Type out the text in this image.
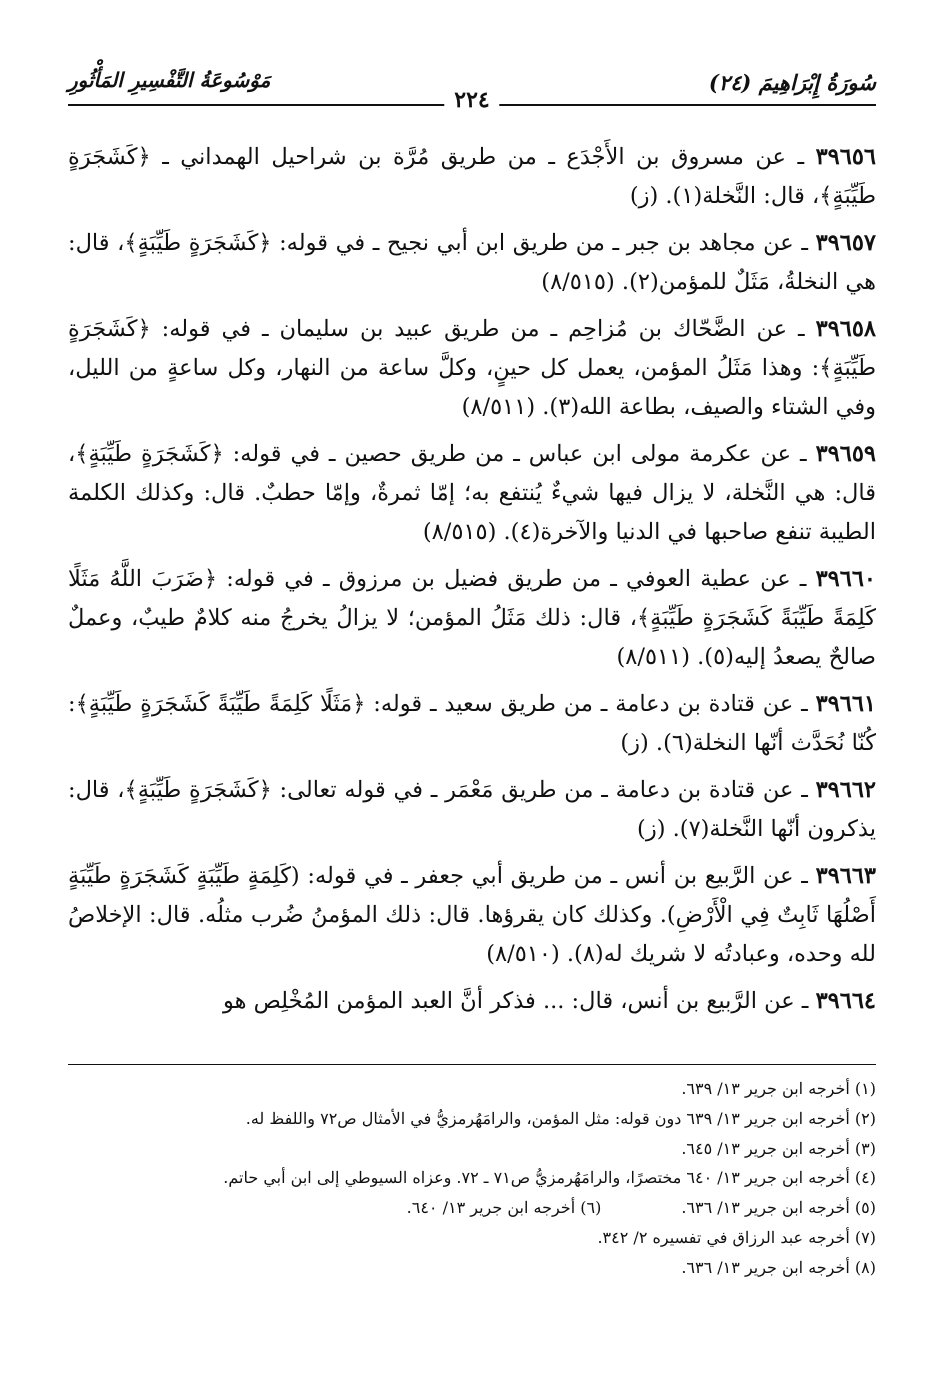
سُورَةُ إِبْرَاهِيمَ (٢٤)
مَوْسُوعَةُ التَّفْسِيرِ المَأْثُورِ
٢٢٤

٣٩٦٥٦ ـ عن مسروق بن الأَجْدَع ـ من طريق مُرَّة بن شراحيل الهمداني ـ ﴿كَشَجَرَةٍ طَيِّبَةٍ﴾، قال: النَّخلة(١). (ز)

٣٩٦٥٧ ـ عن مجاهد بن جبر ـ من طريق ابن أبي نجيح ـ في قوله: ﴿كَشَجَرَةٍ طَيِّبَةٍ﴾، قال: هي النخلةُ، مَثَلٌ للمؤمن(٢). (٨/٥١٥)

٣٩٦٥٨ ـ عن الضَّحّاك بن مُزاحِم ـ من طريق عبيد بن سليمان ـ في قوله: ﴿كَشَجَرَةٍ طَيِّبَةٍ﴾: وهذا مَثَلُ المؤمن، يعمل كل حينٍ، وكلَّ ساعة من النهار، وكل ساعةٍ من الليل، وفي الشتاء والصيف، بطاعة الله(٣). (٨/٥١١)

٣٩٦٥٩ ـ عن عكرمة مولى ابن عباس ـ من طريق حصين ـ في قوله: ﴿كَشَجَرَةٍ طَيِّبَةٍ﴾، قال: هي النَّخلة، لا يزال فيها شيءٌ يُنتفع به؛ إمّا ثمرةٌ، وإمّا حطبٌ. قال: وكذلك الكلمة الطيبة تنفع صاحبها في الدنيا والآخرة(٤). (٨/٥١٥)

٣٩٦٦٠ ـ عن عطية العوفي ـ من طريق فضيل بن مرزوق ـ في قوله: ﴿ضَرَبَ اللَّهُ مَثَلًا كَلِمَةً طَيِّبَةً كَشَجَرَةٍ طَيِّبَةٍ﴾، قال: ذلك مَثَلُ المؤمن؛ لا يزالُ يخرجُ منه كلامٌ طيبٌ، وعملٌ صالحٌ يصعدُ إليه(٥). (٨/٥١١)

٣٩٦٦١ ـ عن قتادة بن دعامة ـ من طريق سعيد ـ قوله: ﴿مَثَلًا كَلِمَةً طَيِّبَةً كَشَجَرَةٍ طَيِّبَةٍ﴾: كُنّا نُحَدَّث أنّها النخلة(٦). (ز)

٣٩٦٦٢ ـ عن قتادة بن دعامة ـ من طريق مَعْمَر ـ في قوله تعالى: ﴿كَشَجَرَةٍ طَيِّبَةٍ﴾، قال: يذكرون أنّها النَّخلة(٧). (ز)

٣٩٦٦٣ ـ عن الرَّبيع بن أنس ـ من طريق أبي جعفر ـ في قوله: (كَلِمَةٍ طَيِّبَةٍ كَشَجَرَةٍ طَيِّبَةٍ أَصْلُهَا ثَابِتٌ فِي الْأَرْضِ). وكذلك كان يقرؤها. قال: ذلك المؤمنُ ضُرب مثلُه. قال: الإخلاصُ لله وحده، وعبادتُه لا شريك له(٨). (٨/٥١٠)

٣٩٦٦٤ ـ عن الرَّبيع بن أنس، قال: ... فذكر أنَّ العبد المؤمن المُخْلِص هو

(١) أخرجه ابن جرير ١٣/ ٦٣٩.
(٢) أخرجه ابن جرير ١٣/ ٦٣٩ دون قوله: مثل المؤمن، والرامَهُرمزيُّ في الأمثال ص٧٢ واللفظ له.
(٣) أخرجه ابن جرير ١٣/ ٦٤٥.
(٤) أخرجه ابن جرير ١٣/ ٦٤٠ مختصرًا، والرامَهُرمزيُّ ص٧١ ـ ٧٢. وعزاه السيوطي إلى ابن أبي حاتم.
(٥) أخرجه ابن جرير ١٣/ ٦٣٦.
(٦) أخرجه ابن جرير ١٣/ ٦٤٠.
(٧) أخرجه عبد الرزاق في تفسيره ٢/ ٣٤٢.
(٨) أخرجه ابن جرير ١٣/ ٦٣٦.
